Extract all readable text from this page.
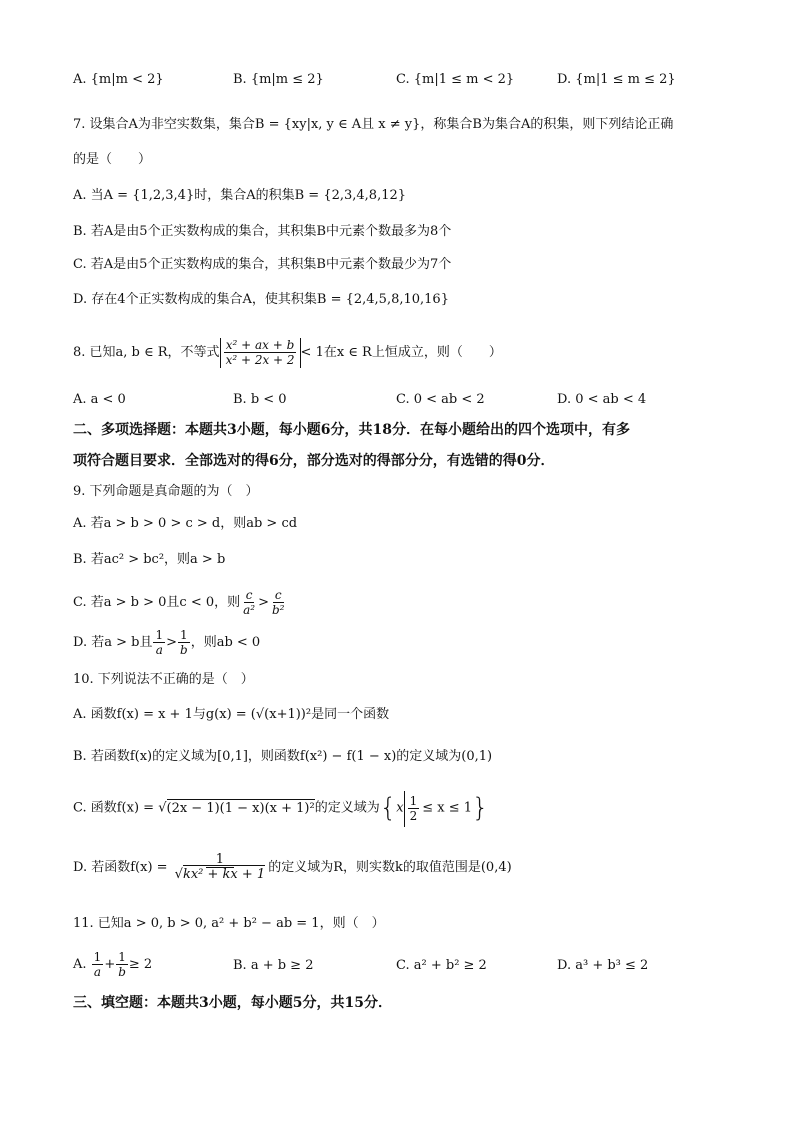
A. {m|m < 2}	B. {m|m ≤ 2}	C. {m|1 ≤ m < 2}	D. {m|1 ≤ m ≤ 2}
7. 设集合A为非空实数集，集合B = {xy|x, y ∈ A且 x ≠ y}，称集合B为集合A的积集，则下列结论正确
的是（　　）
A. 当A = {1,2,3,4}时，集合A的积集B = {2,3,4,8,12}
B. 若A是由5个正实数构成的集合，其积集B中元素个数最多为8个
C. 若A是由5个正实数构成的集合，其积集B中元素个数最少为7个
D. 存在4个正实数构成的集合A，使其积集B = {2,4,5,8,10,16}
8. 已知a, b ∈ R，不等式 $\frac{\text{x² + ax + b}}{\text{x² + 2x + 2}} < 1$在x ∈ R上恒成立，则（　　）
A. a < 0	B. b < 0	C. 0 < ab < 2	D. 0 < ab < 4
二、多项选择题：本题共3小题，每小题6分，共18分．在每小题给出的四个选项中，有多
项符合题目要求．全部选对的得6分，部分选对的得部分分，有选错的得0分．
9. 下列命题是真命题的为（　）
A. 若a > b > 0 > c > d，则ab > cd
B. 若ac² > bc²，则a > b
C. 若a > b > 0且c < 0，则 $\frac{c}{\text{a²}} > \frac{c}{\text{b²}}$
D. 若a > b且 $\frac{1}{a} > \frac{1}{b}$ ，则ab < 0
10. 下列说法不正确的是（　）
A. 函数f(x) = x + 1与g(x) = (√(x+1))²是同一个函数
B. 若函数f(x)的定义域为[0,1]，则函数f(x²) − f(1 − x)的定义域为(0,1)
C. 函数f(x) = √(2x − 1)(1 − x)(x + 1)²的定义域为$\{x \frac{1}{2} \le x \le 1\}$
D. 若函数$f(x) = \frac{1}{\text{√kx² + kx + 1}}$ 的定义域为R，则实数k的取值范围是(0,4)
11. 已知a > 0, b > 0, a² + b² − ab = 1，则（　）
A. $\frac{1}{a} + \frac{1}{b} \ge 2$	B. a + b ≥ 2	C. a² + b² ≥ 2	D. a³ + b³ ≤ 2
三、填空题：本题共3小题，每小题5分，共15分．
